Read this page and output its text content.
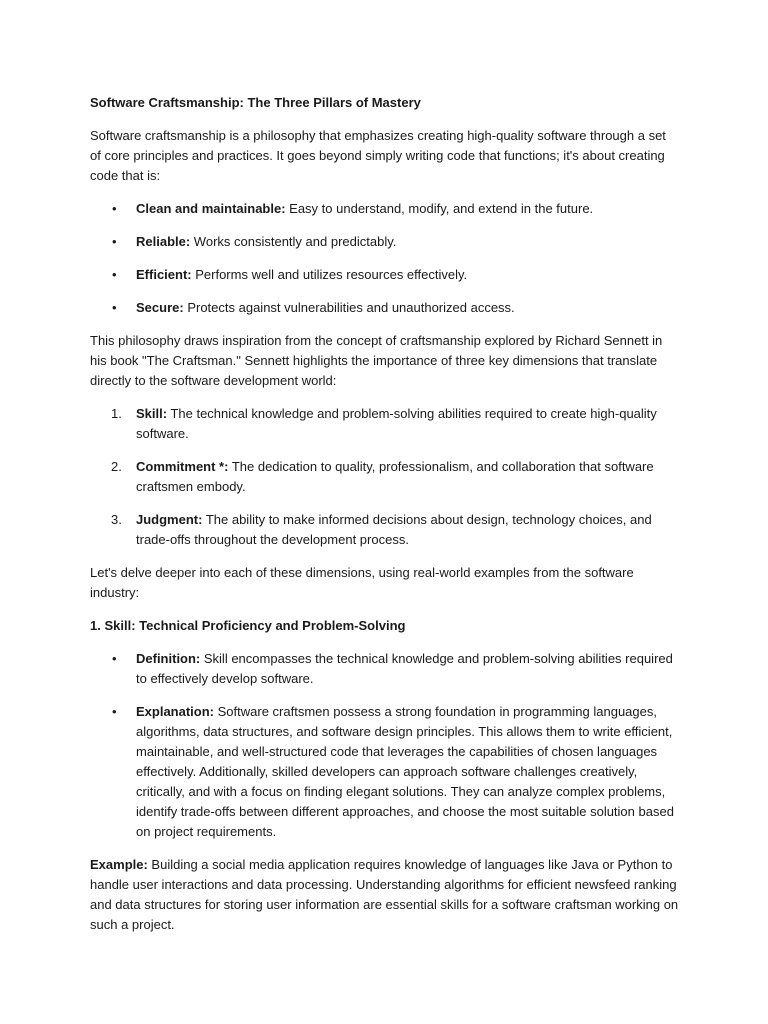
Software Craftsmanship: The Three Pillars of Mastery

Software craftsmanship is a philosophy that emphasizes creating high-quality software through a set of core principles and practices. It goes beyond simply writing code that functions; it's about creating code that is:

•	Clean and maintainable: Easy to understand, modify, and extend in the future.
•	Reliable: Works consistently and predictably.
•	Efficient: Performs well and utilizes resources effectively.
•	Secure: Protects against vulnerabilities and unauthorized access.

This philosophy draws inspiration from the concept of craftsmanship explored by Richard Sennett in his book "The Craftsman." Sennett highlights the importance of three key dimensions that translate directly to the software development world:

1.	Skill: The technical knowledge and problem-solving abilities required to create high-quality software.
2.	Commitment *: The dedication to quality, professionalism, and collaboration that software craftsmen embody.
3.	Judgment: The ability to make informed decisions about design, technology choices, and trade-offs throughout the development process.

Let's delve deeper into each of these dimensions, using real-world examples from the software industry:

1. Skill: Technical Proficiency and Problem-Solving

•	Definition: Skill encompasses the technical knowledge and problem-solving abilities required to effectively develop software.
•	Explanation: Software craftsmen possess a strong foundation in programming languages, algorithms, data structures, and software design principles. This allows them to write efficient, maintainable, and well-structured code that leverages the capabilities of chosen languages effectively. Additionally, skilled developers can approach software challenges creatively, critically, and with a focus on finding elegant solutions. They can analyze complex problems, identify trade-offs between different approaches, and choose the most suitable solution based on project requirements.

Example: Building a social media application requires knowledge of languages like Java or Python to handle user interactions and data processing. Understanding algorithms for efficient newsfeed ranking and data structures for storing user information are essential skills for a software craftsman working on such a project.
